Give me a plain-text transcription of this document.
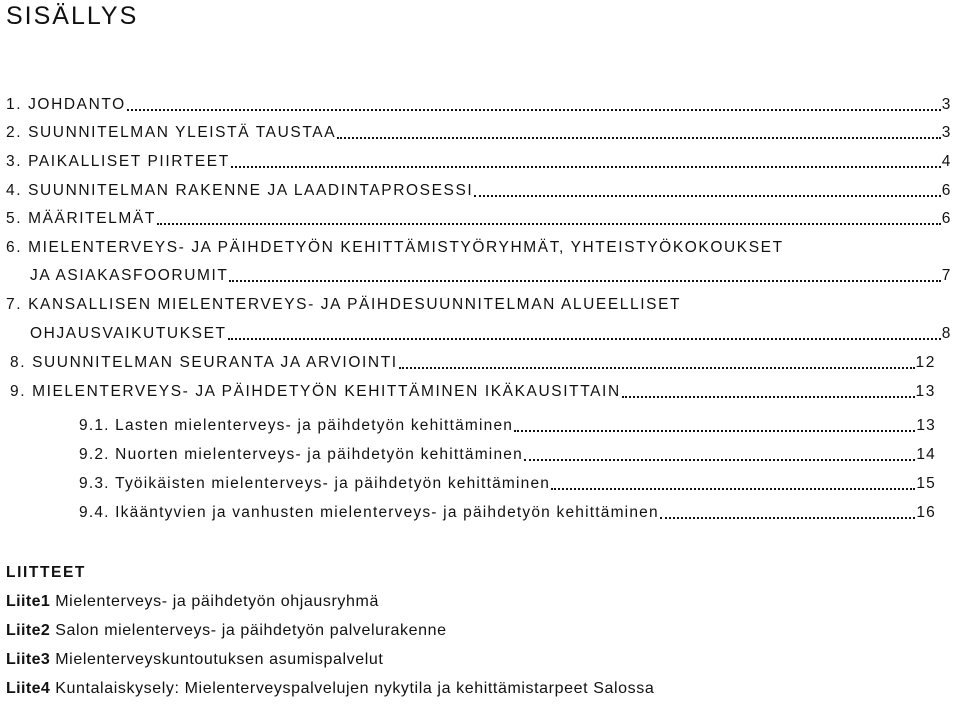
SISÄLLYS
1.
JOHDANTO	3
2.
SUUNNITELMAN YLEISTÄ TAUSTAA	3
3.
PAIKALLISET PIIRTEET	4
4.
SUUNNITELMAN RAKENNE JA LAADINTAPROSESSI	6
5.
MÄÄRITELMÄT	6
6. MIELENTERVEYS- JA PÄIHDETYÖN KEHITTÄMISTYÖRYHMÄT, YHTEISTYÖKOKOUKSET
JA ASIAKASFOORUMIT	7
7. KANSALLISEN MIELENTERVEYS- JA PÄIHDESUUNNITELMAN ALUEELLISET
OHJAUSVAIKUTUKSET	8
8.
SUUNNITELMAN SEURANTA JA ARVIOINTI	12
9.
MIELENTERVEYS- JA PÄIHDETYÖN KEHITTÄMINEN IKÄKAUSITTAIN	13
9.1.
Lasten mielenterveys- ja päihdetyön kehittäminen	13
9.2.
Nuorten mielenterveys- ja päihdetyön kehittäminen	14
9.3.
Työikäisten mielenterveys- ja päihdetyön kehittäminen	15
9.4.
Ikääntyvien ja vanhusten mielenterveys- ja päihdetyön kehittäminen	16
LIITTEET
Liite1 Mielenterveys- ja päihdetyön ohjausryhmä
Liite2 Salon mielenterveys- ja päihdetyön palvelurakenne
Liite3 Mielenterveyskuntoutuksen asumispalvelut
Liite4 Kuntalaiskysely: Mielenterveyspalvelujen nykytila ja kehittämistarpeet Salossa
